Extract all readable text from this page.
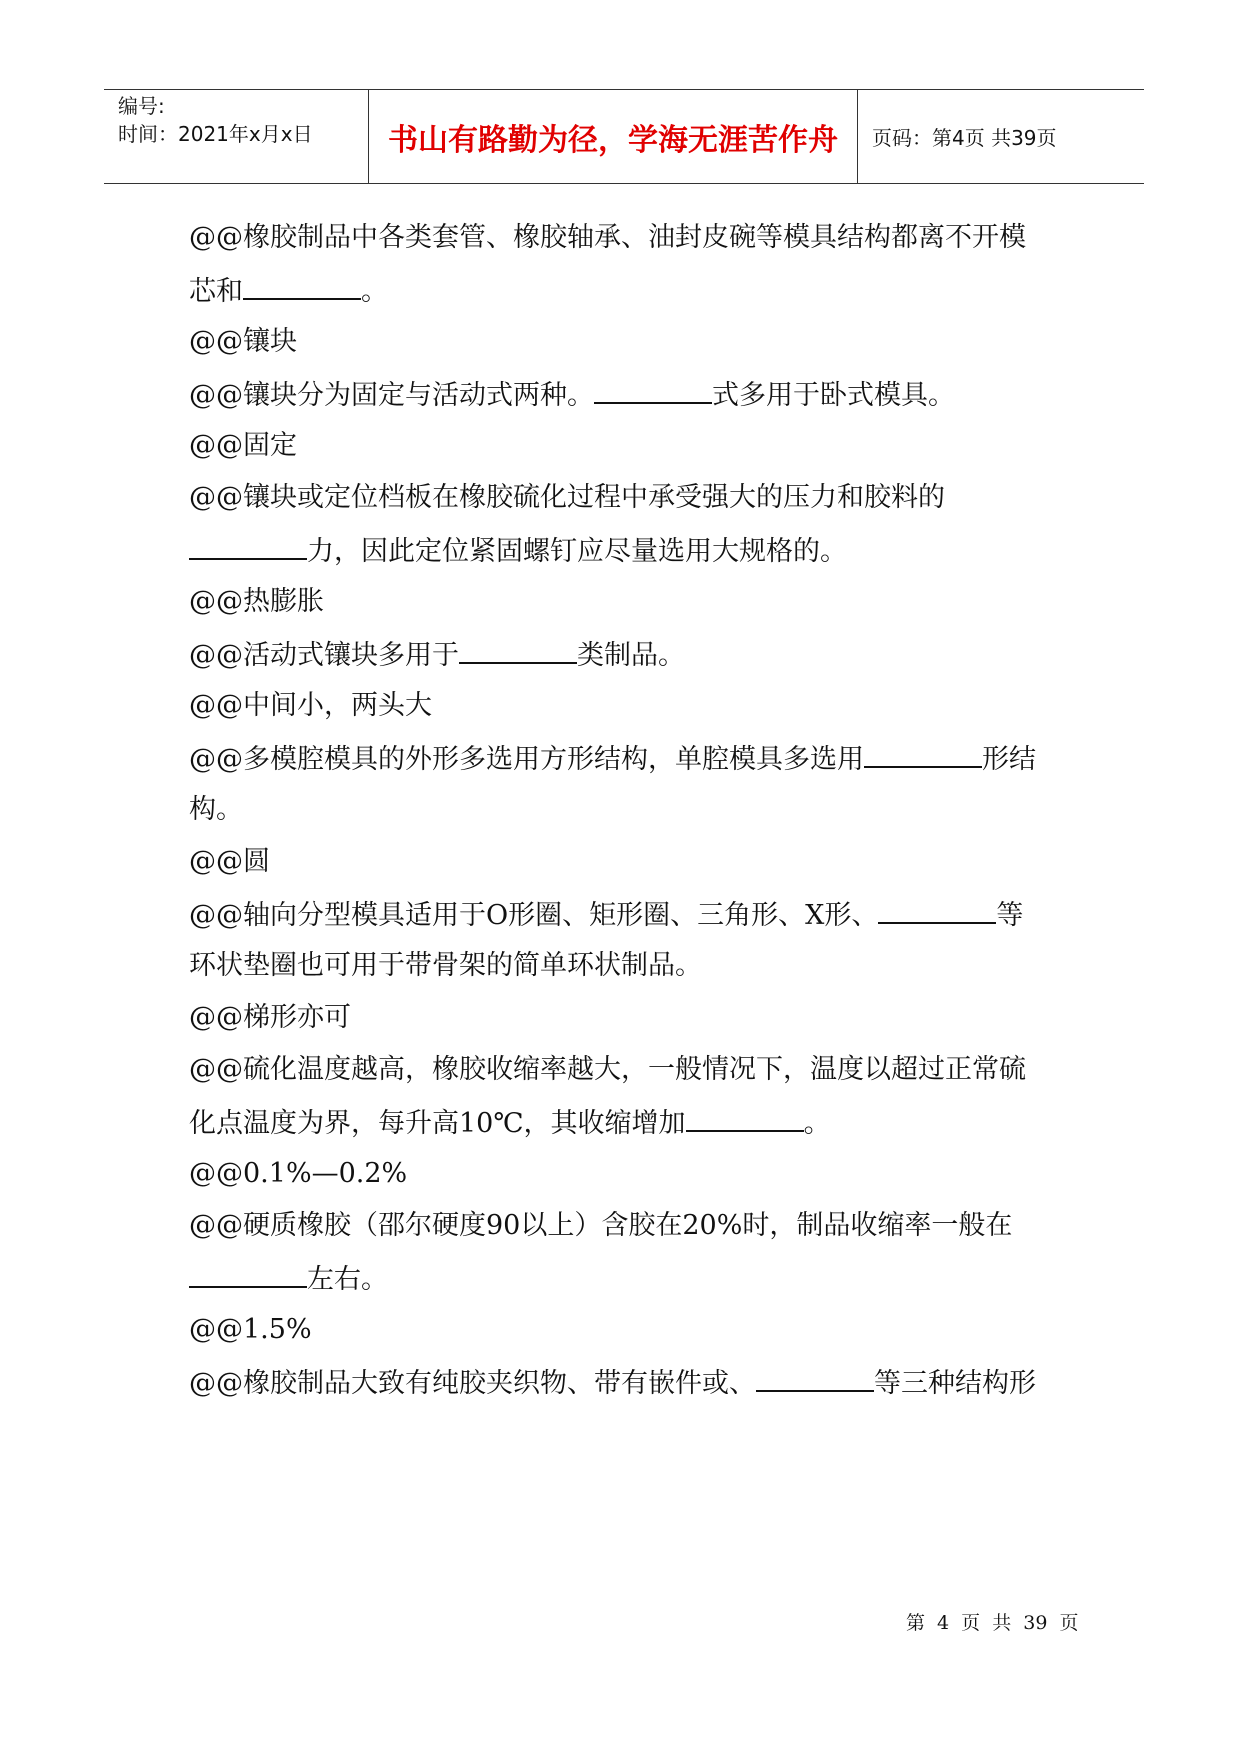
编号:
时间：2021年x月x日	书山有路勤为径，学海无涯苦作舟	页码：第4页 共39页
@@橡胶制品中各类套管、橡胶轴承、油封皮碗等模具结构都离不开模
芯和	。
@@镶块
@@镶块分为固定与活动式两种。	式多用于卧式模具。
@@固定
@@镶块或定位档板在橡胶硫化过程中承受强大的压力和胶料的
力，因此定位紧固螺钉应尽量选用大规格的。
@@热膨胀
@@活动式镶块多用于	类制品。
@@中间小，两头大
@@多模腔模具的外形多选用方形结构，单腔模具多选用	形结
构。
@@圆
@@轴向分型模具适用于O形圈、矩形圈、三角形、X形、	等
环状垫圈也可用于带骨架的简单环状制品。
@@梯形亦可
@@硫化温度越高，橡胶收缩率越大，一般情况下，温度以超过正常硫
化点温度为界，每升高10℃，其收缩增加	。
@@0.1%—0.2%
@@硬质橡胶（邵尔硬度90以上）含胶在20%时，制品收缩率一般在
左右。
@@1.5%
@@橡胶制品大致有纯胶夹织物、带有嵌件或、	等三种结构形
第 4 页 共 39 页
